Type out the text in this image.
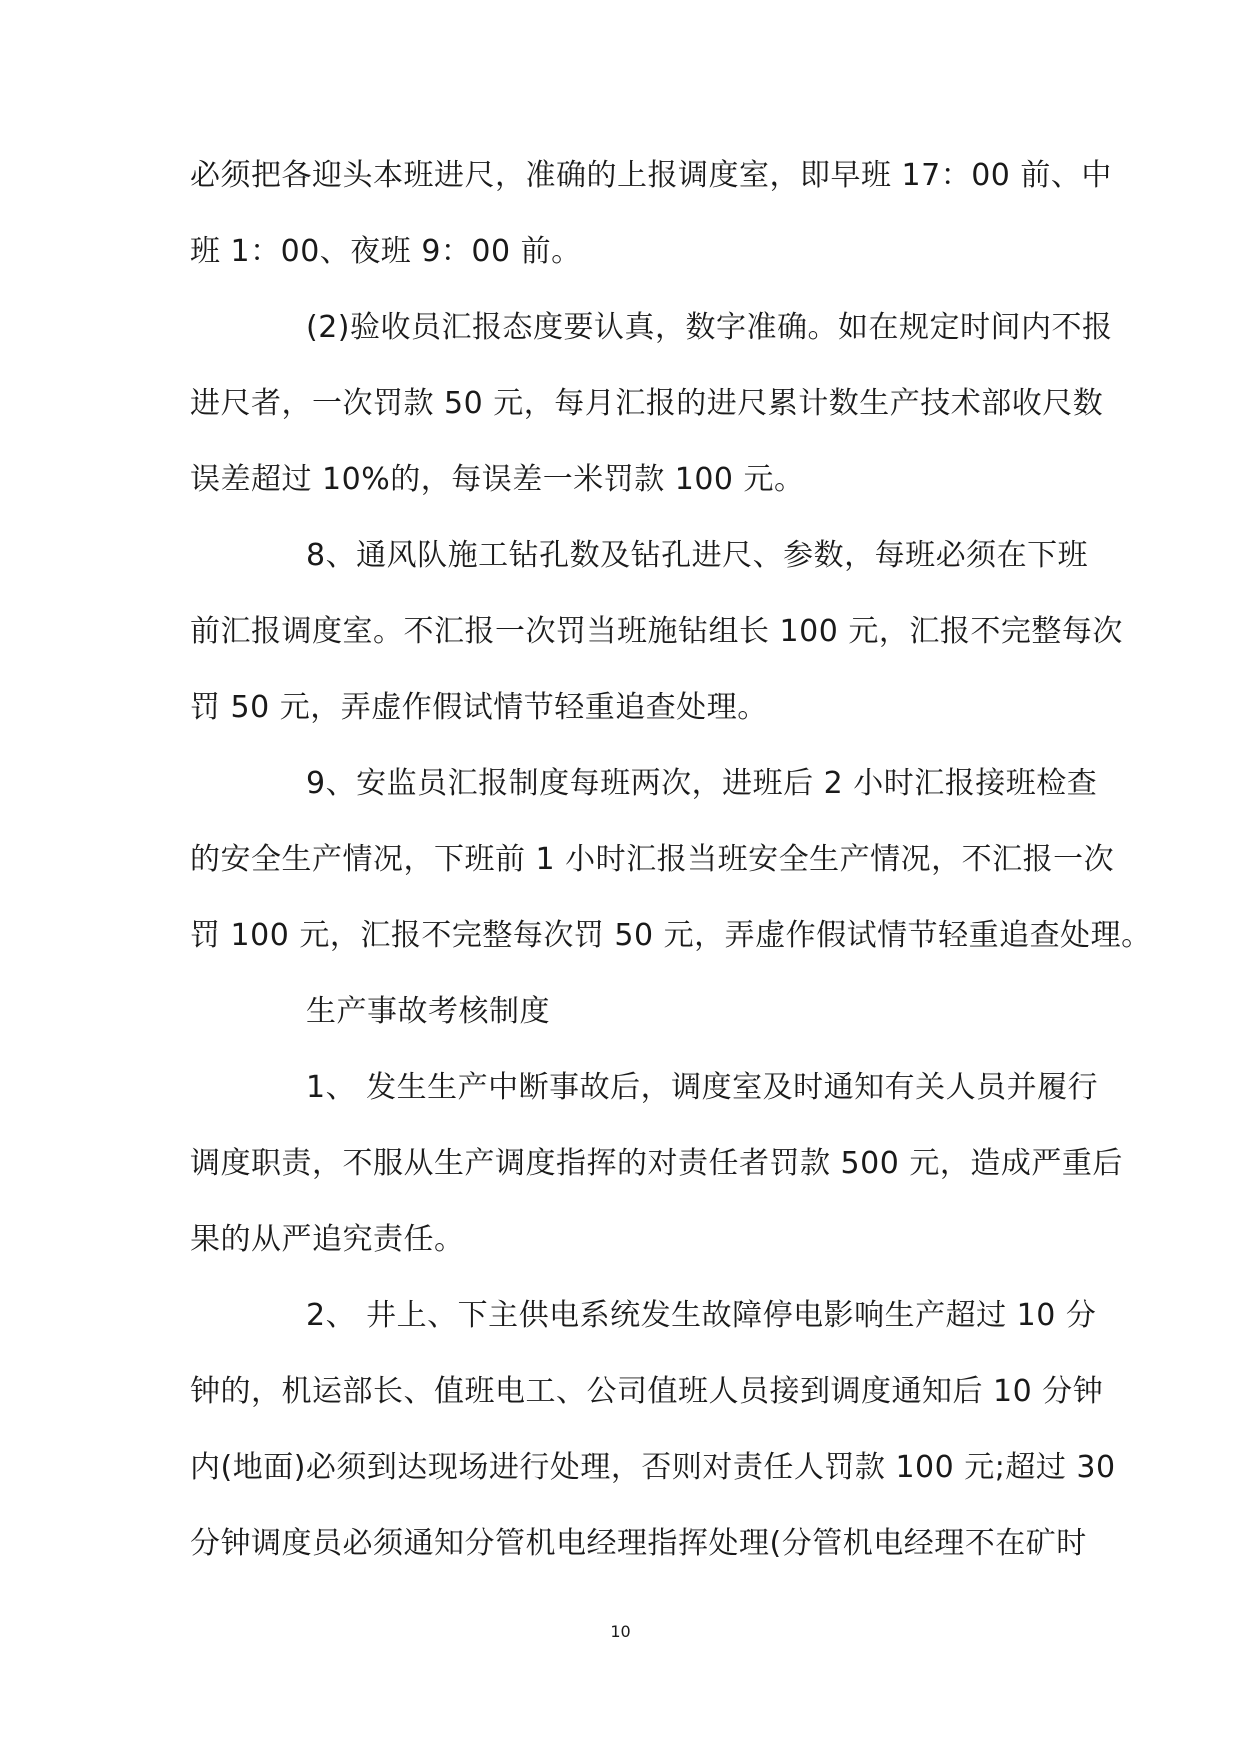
必须把各迎头本班进尺，准确的上报调度室，即早班 17：00 前、中
班 1：00、夜班 9：00 前。
(2)验收员汇报态度要认真，数字准确。如在规定时间内不报
进尺者，一次罚款 50 元，每月汇报的进尺累计数生产技术部收尺数
误差超过 10%的，每误差一米罚款 100 元。
8、通风队施工钻孔数及钻孔进尺、参数，每班必须在下班
前汇报调度室。不汇报一次罚当班施钻组长 100 元，汇报不完整每次
罚 50 元，弄虚作假试情节轻重追查处理。
9、安监员汇报制度每班两次，进班后 2 小时汇报接班检查
的安全生产情况，下班前 1 小时汇报当班安全生产情况，不汇报一次
罚 100 元，汇报不完整每次罚 50 元，弄虚作假试情节轻重追查处理。
生产事故考核制度
1、 发生生产中断事故后，调度室及时通知有关人员并履行
调度职责，不服从生产调度指挥的对责任者罚款 500 元，造成严重后
果的从严追究责任。
2、 井上、下主供电系统发生故障停电影响生产超过 10 分
钟的，机运部长、值班电工、公司值班人员接到调度通知后 10 分钟
内(地面)必须到达现场进行处理，否则对责任人罚款 100 元;超过 30
分钟调度员必须通知分管机电经理指挥处理(分管机电经理不在矿时
10
